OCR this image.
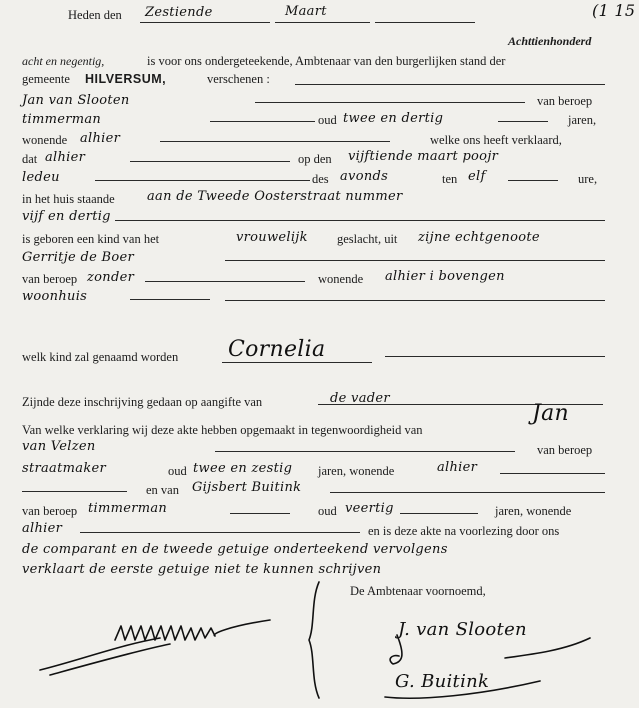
(1 15
Heden den Zestiende	Maart
Achttienhonderd
acht en negentig,	is voor ons ondergeteekende, Ambtenaar van den burgerlijken stand der
gemeente HILVERSUM,	verschenen :
Jan van Slooten	van beroep
timmerman	oud twee en dertig	jaren,
wonende alhier	welke ons heeft verklaard,
dat alhier	op den vijftiende maart poojr
ledeu	des avonds	ten elf	ure,
in het huis staande aan de Tweede Oosterstraat nummer
vijf en dertig
is geboren een kind van het	vrouwelijk geslacht, uit zijne echtgenoote
Gerritje de Boer
van beroep zonder	wonende alhier i bovengen
woonhuis
welk kind zal genaamd worden Cornelia
Zijnde deze inschrijving gedaan op aangifte van	de vader
Van welke verklaring wij deze akte hebben opgemaakt in tegenwoordigheid van
Jan
van Velzen	van beroep
straatmaker	oud twee en zestig jaren, wonende	alhier
en van Gijsbert Buitink
van beroep timmerman	oud veertig	jaren, wonende
alhier	en is deze akte na voorlezing door ons
de comparant en de tweede getuige onderteekend vervolgens
verklaart de eerste getuige niet te kunnen schrijven
De Ambtenaar voornoemd,
J. van Slooten
G. Buitink
